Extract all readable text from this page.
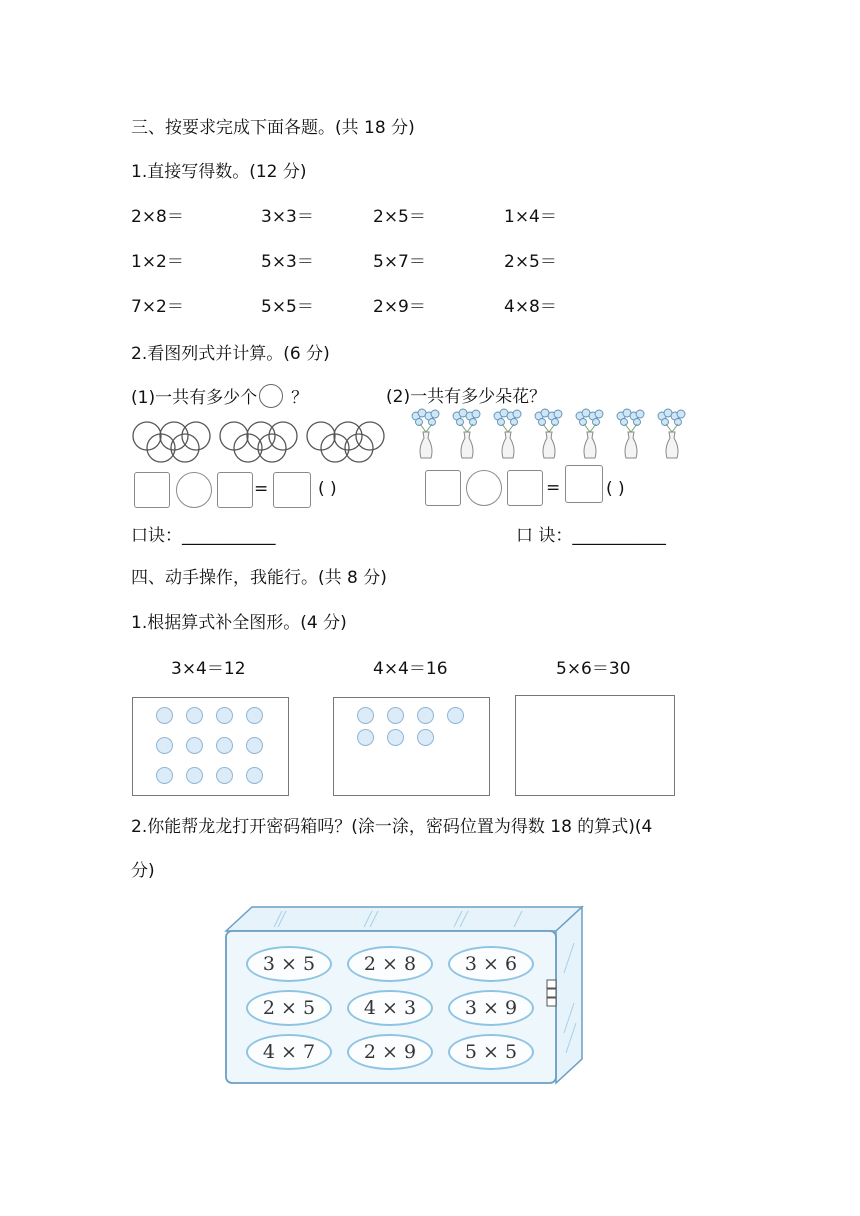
三、按要求完成下面各题。(共 18 分)
1.直接写得数。(12 分)
2×8＝	3×3＝	2×5＝	1×4＝
1×2＝	5×3＝	5×7＝	2×5＝
7×2＝	5×5＝	2×9＝	4×8＝
2.看图列式并计算。(6 分)
(1)一共有多少个 ？	(2)一共有多少朵花？
=	( )	=	( )
口诀：___________	口 诀：___________
四、动手操作，我能行。(共 8 分)
1.根据算式补全图形。(4 分)
3×4＝12	4×4＝16	5×6＝30
2.你能帮龙龙打开密码箱吗？(涂一涂，密码位置为得数 18 的算式)(4
分)
3 × 5	2 × 8	3 × 6
2 × 5	4 × 3	3 × 9
4 × 7	2 × 9	5 × 5
